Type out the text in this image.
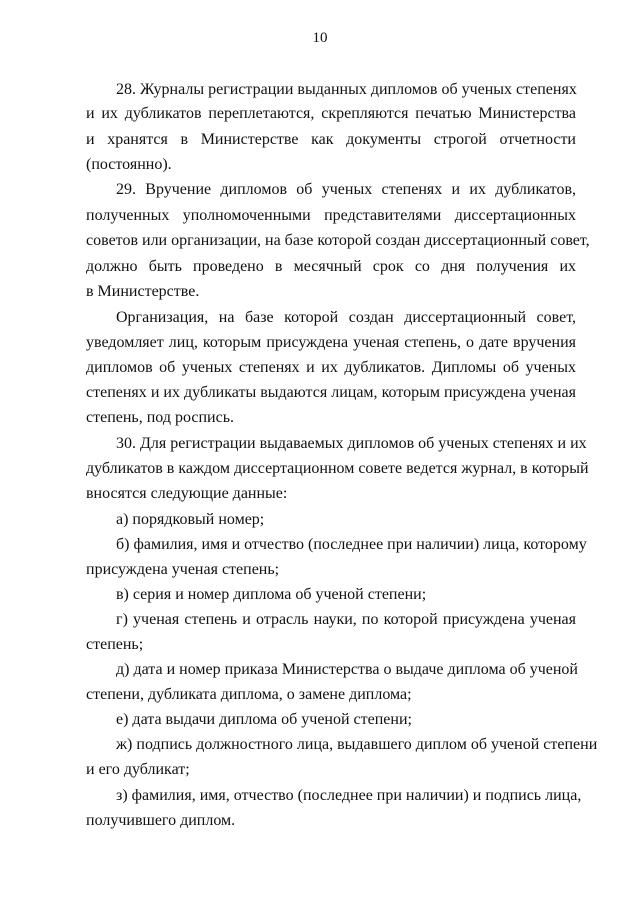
10
28. Журналы регистрации выданных дипломов об ученых степенях
и их дубликатов переплетаются, скрепляются печатью Министерства
и хранятся в Министерстве как документы строгой отчетности
(постоянно).
29. Вручение дипломов об ученых степенях и их дубликатов,
полученных уполномоченными представителями диссертационных
советов или организации, на базе которой создан диссертационный совет,
должно быть проведено в месячный срок со дня получения их
в Министерстве.
Организация, на базе которой создан диссертационный совет,
уведомляет лиц, которым присуждена ученая степень, о дате вручения
дипломов об ученых степенях и их дубликатов. Дипломы об ученых
степенях и их дубликаты выдаются лицам, которым присуждена ученая
степень, под роспись.
30. Для регистрации выдаваемых дипломов об ученых степенях и их
дубликатов в каждом диссертационном совете ведется журнал, в который
вносятся следующие данные:
а) порядковый номер;
б) фамилия, имя и отчество (последнее при наличии) лица, которому
присуждена ученая степень;
в) серия и номер диплома об ученой степени;
г) ученая степень и отрасль науки, по которой присуждена ученая
степень;
д) дата и номер приказа Министерства о выдаче диплома об ученой
степени, дубликата диплома, о замене диплома;
е) дата выдачи диплома об ученой степени;
ж) подпись должностного лица, выдавшего диплом об ученой степени
и его дубликат;
з) фамилия, имя, отчество (последнее при наличии) и подпись лица,
получившего диплом.
